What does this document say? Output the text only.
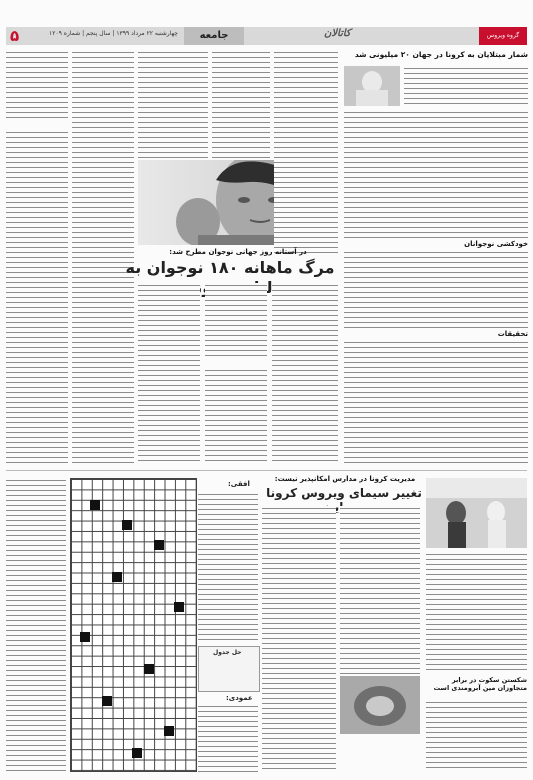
۵	چهارشنبه ۲۲ مرداد ۱۳۹۹ | سال پنجم | شماره ۱۲۰۹	جامعه	کاتالان	گروه ویروس
در آستانه روز جهانی نوجوان مطرح شد:
مرگ ماهانه ۱۸۰ نوجوان به
شمار مبتلایان به کرونا در جهان ۲۰ میلیونی شد
خودکشی نوجوانان
تحقیقات
مدیریت کرونا در مدارس امکانپذیر نیست:
تغییر سیمای ویروس کرونا
شکستن سکوت در برابر متجاوزان مین آبرومندی است
افقی:
حل جدول
عمودی:
